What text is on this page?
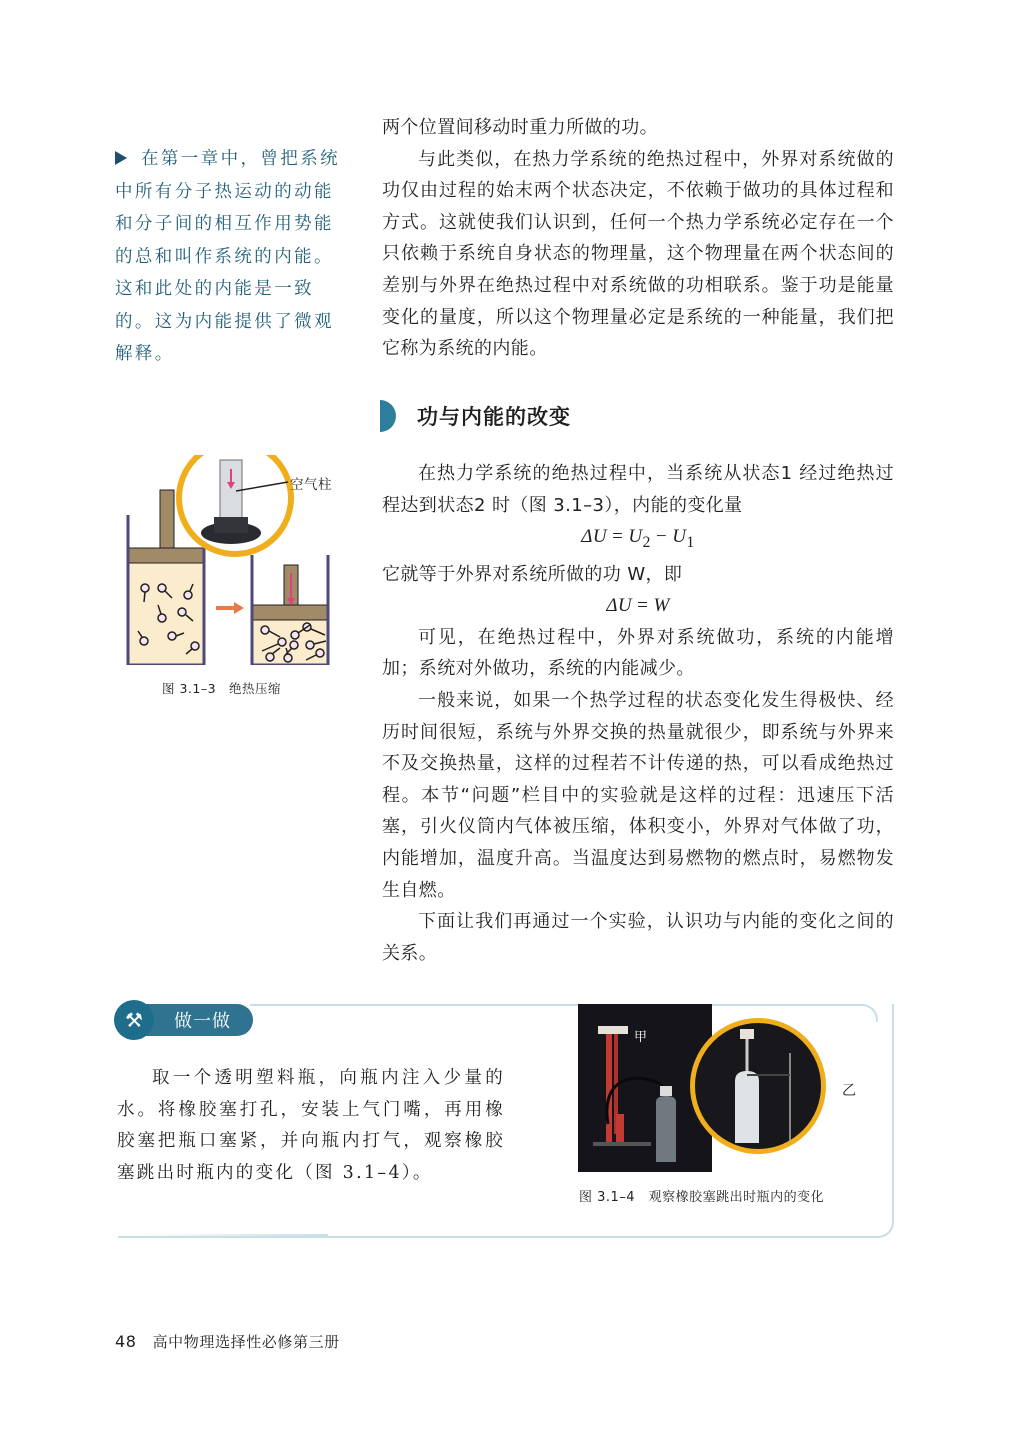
在第一章中，曾把系统中所有分子热运动的动能和分子间的相互作用势能的总和叫作系统的内能。这和此处的内能是一致的。这为内能提供了微观解释。

两个位置间移动时重力所做的功。

与此类似，在热力学系统的绝热过程中，外界对系统做的功仅由过程的始末两个状态决定，不依赖于做功的具体过程和方式。这就使我们认识到，任何一个热力学系统必定存在一个只依赖于系统自身状态的物理量，这个物理量在两个状态间的差别与外界在绝热过程中对系统做的功相联系。鉴于功是能量变化的量度，所以这个物理量必定是系统的一种能量，我们把它称为系统的内能。

功与内能的改变

在热力学系统的绝热过程中，当系统从状态1 经过绝热过程达到状态2 时（图 3.1–3），内能的变化量

$\Delta U = U_2 - U_1$

它就等于外界对系统所做的功 W，即

ΔU = W

可见，在绝热过程中，外界对系统做功，系统的内能增加；系统对外做功，系统的内能减少。

一般来说，如果一个热学过程的状态变化发生得极快、经历时间很短，系统与外界交换的热量就很少，即系统与外界来不及交换热量，这样的过程若不计传递的热，可以看成绝热过程。本节“问题”栏目中的实验就是这样的过程：迅速压下活塞，引火仪筒内气体被压缩，体积变小，外界对气体做了功，内能增加，温度升高。当温度达到易燃物的燃点时，易燃物发生自燃。

下面让我们再通过一个实验，认识功与内能的变化之间的关系。

空气柱
图 3.1–3　绝热压缩
⚒	做一做

取一个透明塑料瓶，向瓶内注入少量的水。将橡胶塞打孔，安装上气门嘴，再用橡胶塞把瓶口塞紧，并向瓶内打气，观察橡胶塞跳出时瓶内的变化（图 3.1–4）。

甲
乙
图 3.1–4　观察橡胶塞跳出时瓶内的变化
48 高中物理选择性必修第三册
